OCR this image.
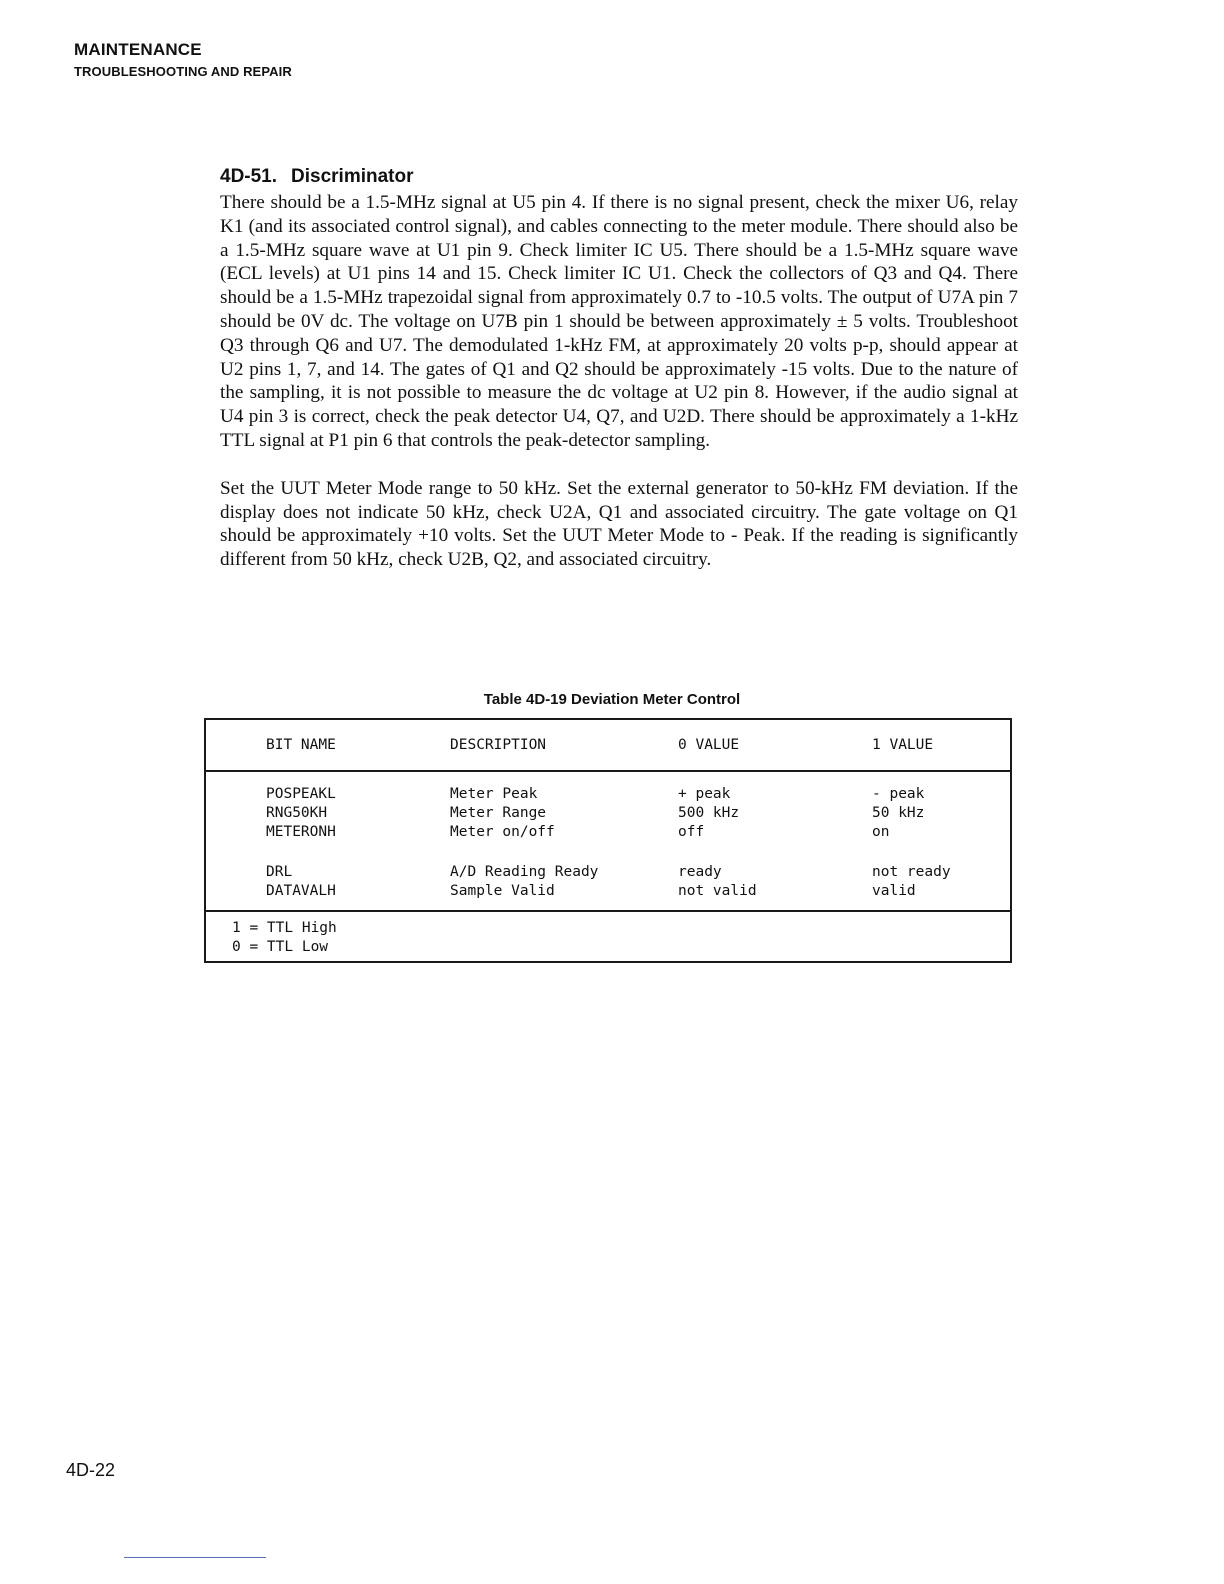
MAINTENANCE
TROUBLESHOOTING AND REPAIR
4D-51. Discriminator

There should be a 1.5-MHz signal at U5 pin 4. If there is no signal present, check the mixer U6, relay K1 (and its associated control signal), and cables connecting to the meter module. There should also be a 1.5-MHz square wave at U1 pin 9. Check limiter IC U5. There should be a 1.5-MHz square wave (ECL levels) at U1 pins 14 and 15. Check limiter IC U1. Check the collectors of Q3 and Q4. There should be a 1.5-MHz trapezoidal signal from approximately 0.7 to -10.5 volts. The output of U7A pin 7 should be 0V dc. The voltage on U7B pin 1 should be between approximately ± 5 volts. Troubleshoot Q3 through Q6 and U7. The demodulated 1-kHz FM, at approximately 20 volts p-p, should appear at U2 pins 1, 7, and 14. The gates of Q1 and Q2 should be approximately -15 volts. Due to the nature of the sampling, it is not possible to measure the dc voltage at U2 pin 8. However, if the audio signal at U4 pin 3 is correct, check the peak detector U4, Q7, and U2D. There should be approximately a 1-kHz TTL signal at P1 pin 6 that controls the peak-detector sampling.

Set the UUT Meter Mode range to 50 kHz. Set the external generator to 50-kHz FM deviation. If the display does not indicate 50 kHz, check U2A, Q1 and associated circuitry. The gate voltage on Q1 should be approximately +10 volts. Set the UUT Meter Mode to - Peak. If the reading is significantly different from 50 kHz, check U2B, Q2, and associated circuitry.

Table 4D-19 Deviation Meter Control
BIT NAME	DESCRIPTION	0 VALUE	1 VALUE
POSPEAKL	Meter Peak	+ peak	- peak
RNG50KH	Meter Range	500 kHz	50 kHz
METERONH	Meter on/off	off	on
DRL	A/D Reading Ready	ready	not ready
DATAVALH	Sample Valid	not valid	valid
1 = TTL High
0 = TTL Low
4D-22
